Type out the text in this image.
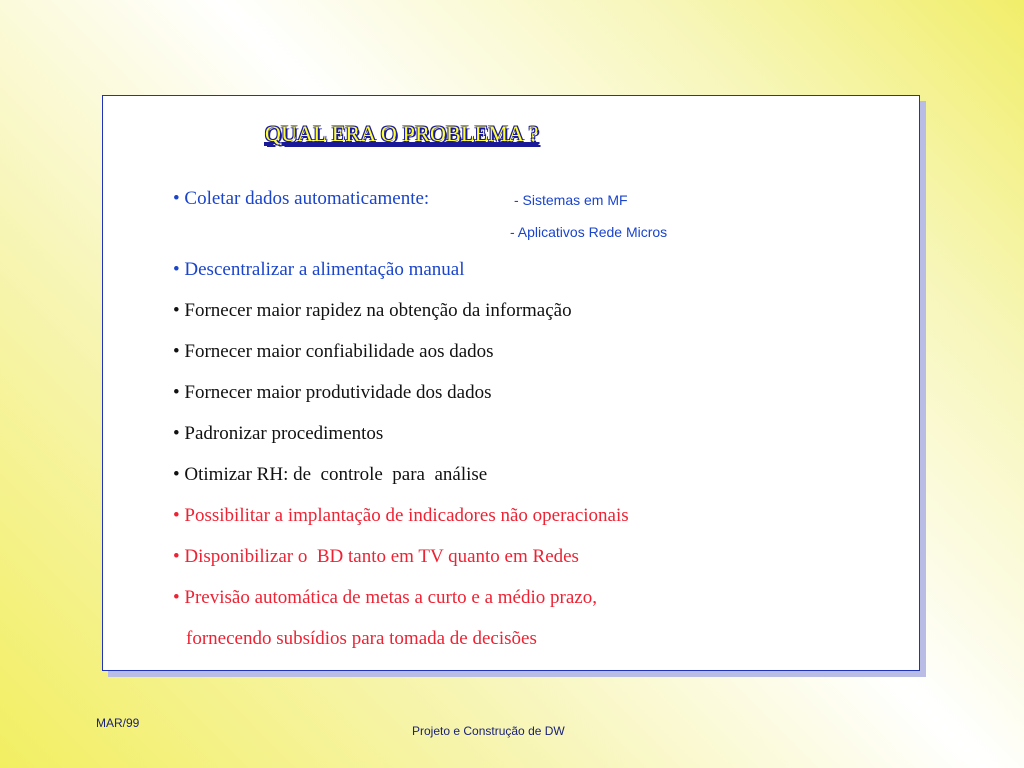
QUAL ERA O PROBLEMA ?
• Coletar dados automaticamente:	- Sistemas em MF
- Aplicativos Rede Micros
• Descentralizar a alimentação manual
• Fornecer maior rapidez na obtenção da informação
• Fornecer maior confiabilidade aos dados
• Fornecer maior produtividade dos dados
• Padronizar procedimentos
• Otimizar RH: de  controle  para  análise
• Possibilitar a implantação de indicadores não operacionais
• Disponibilizar o  BD tanto em TV quanto em Redes
• Previsão automática de metas a curto e a médio prazo,
fornecendo subsídios para tomada de decisões
MAR/99
Projeto e Construção de DW
